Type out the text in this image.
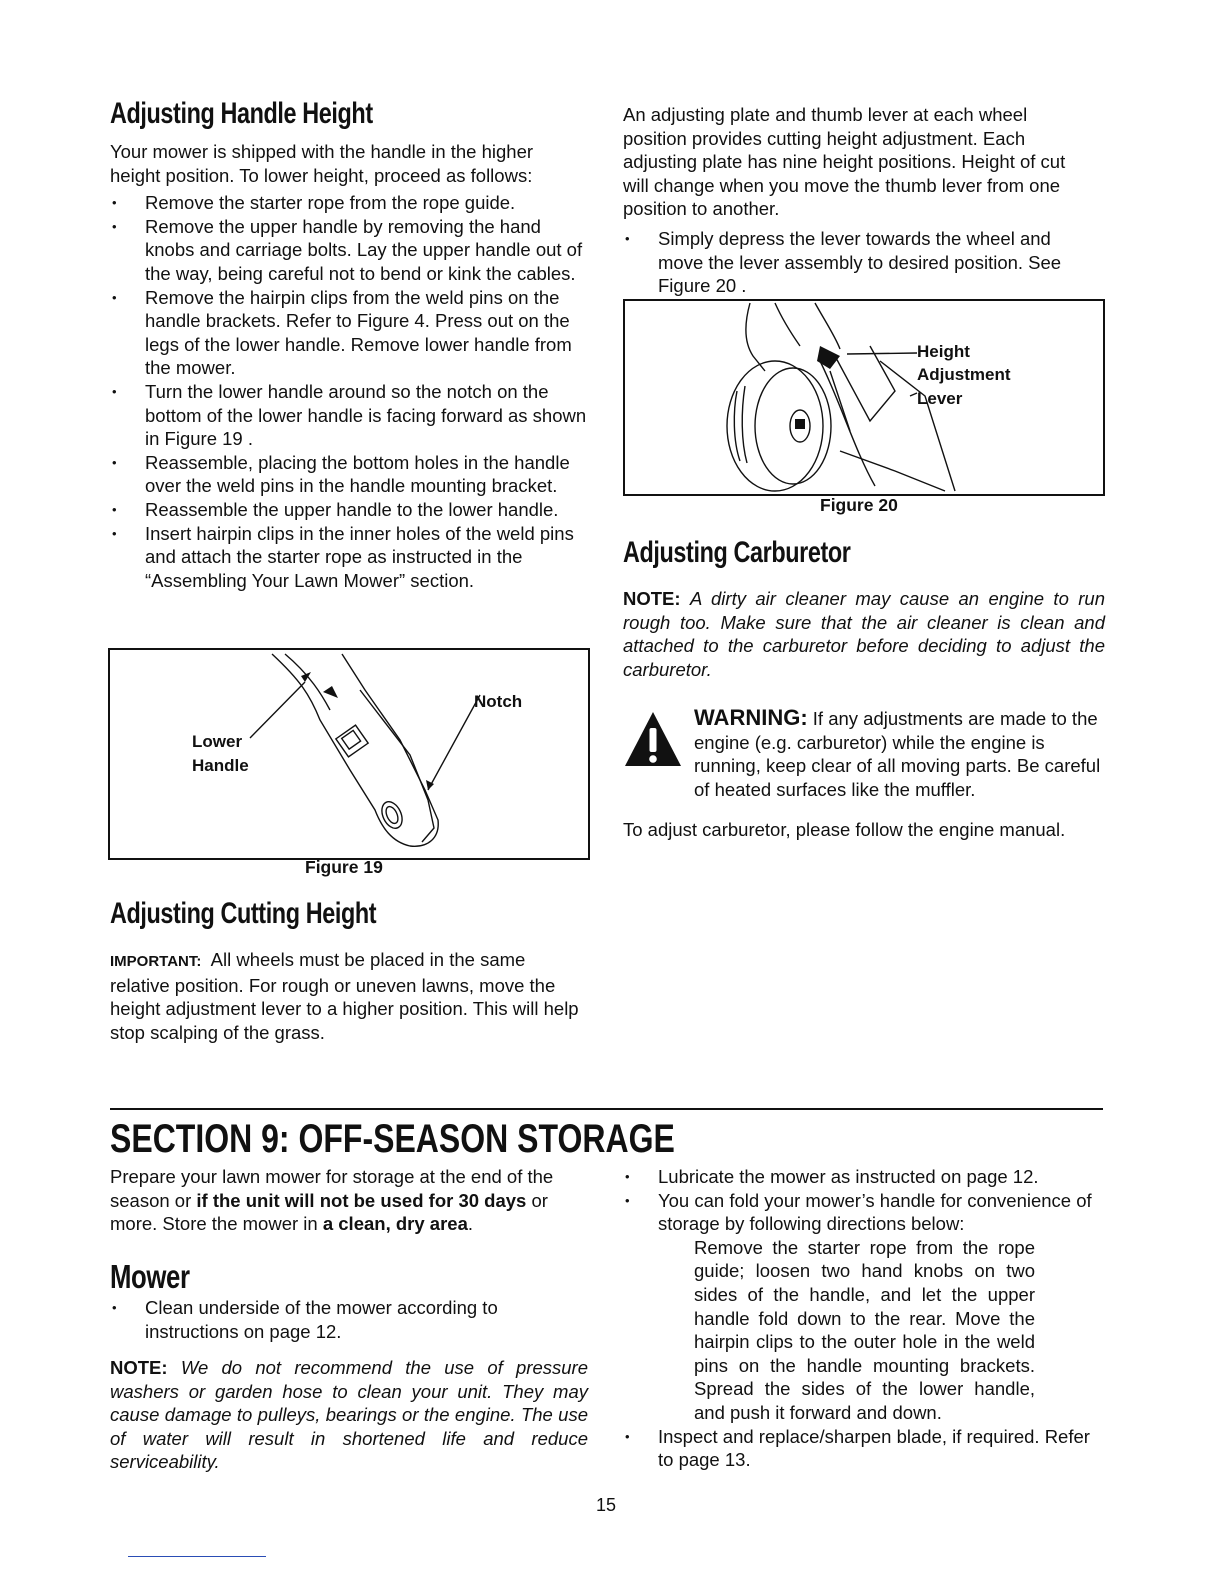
Adjusting Handle Height

Your mower is shipped with the handle in the higher height position. To lower height, proceed as follows:

• Remove the starter rope from the rope guide.
• Remove the upper handle by removing the hand knobs and carriage bolts. Lay the upper handle out of the way, being careful not to bend or kink the cables.
• Remove the hairpin clips from the weld pins on the handle brackets. Refer to Figure 4. Press out on the legs of the lower handle. Remove lower handle from the mower.
• Turn the lower handle around so the notch on the bottom of the lower handle is facing forward as shown in Figure 19 .
• Reassemble, placing the bottom holes in the handle over the weld pins in the handle mounting bracket.
• Reassemble the upper handle to the lower handle.
• Insert hairpin clips in the inner holes of the weld pins and attach the starter rope as instructed in the “Assembling Your Lawn Mower” section.
Notch
Lower
Handle
Figure 19
Adjusting Cutting Height

IMPORTANT: All wheels must be placed in the same relative position. For rough or uneven lawns, move the height adjustment lever to a higher position. This will help stop scalping of the grass.

An adjusting plate and thumb lever at each wheel position provides cutting height adjustment. Each adjusting plate has nine height positions. Height of cut will change when you move the thumb lever from one position to another.

• Simply depress the lever towards the wheel and move the lever assembly to desired position. See Figure 20 .
Height
Adjustment
Lever
Figure 20
Adjusting Carburetor

NOTE: A dirty air cleaner may cause an engine to run rough too. Make sure that the air cleaner is clean and attached to the carburetor before deciding to adjust the carburetor.

WARNING: If any adjustments are made to the engine (e.g. carburetor) while the engine is running, keep clear of all moving parts. Be careful of heated surfaces like the muffler.

To adjust carburetor, please follow the engine manual.

SECTION 9: OFF-SEASON STORAGE

Prepare your lawn mower for storage at the end of the season or if the unit will not be used for 30 days or more. Store the mower in a clean, dry area.

Mower
• Clean underside of the mower according to instructions on page 12.

NOTE: We do not recommend the use of pressure washers or garden hose to clean your unit. They may cause damage to pulleys, bearings or the engine. The use of water will result in shortened life and reduce serviceability.

• Lubricate the mower as instructed on page 12.
• You can fold your mower’s handle for convenience of storage by following directions below:

Remove the starter rope from the rope guide; loosen two hand knobs on two sides of the handle, and let the upper handle fold down to the rear. Move the hairpin clips to the outer hole in the weld pins on the handle mounting brackets. Spread the sides of the lower handle, and push it forward and down.

• Inspect and replace/sharpen blade, if required. Refer to page 13.
15
